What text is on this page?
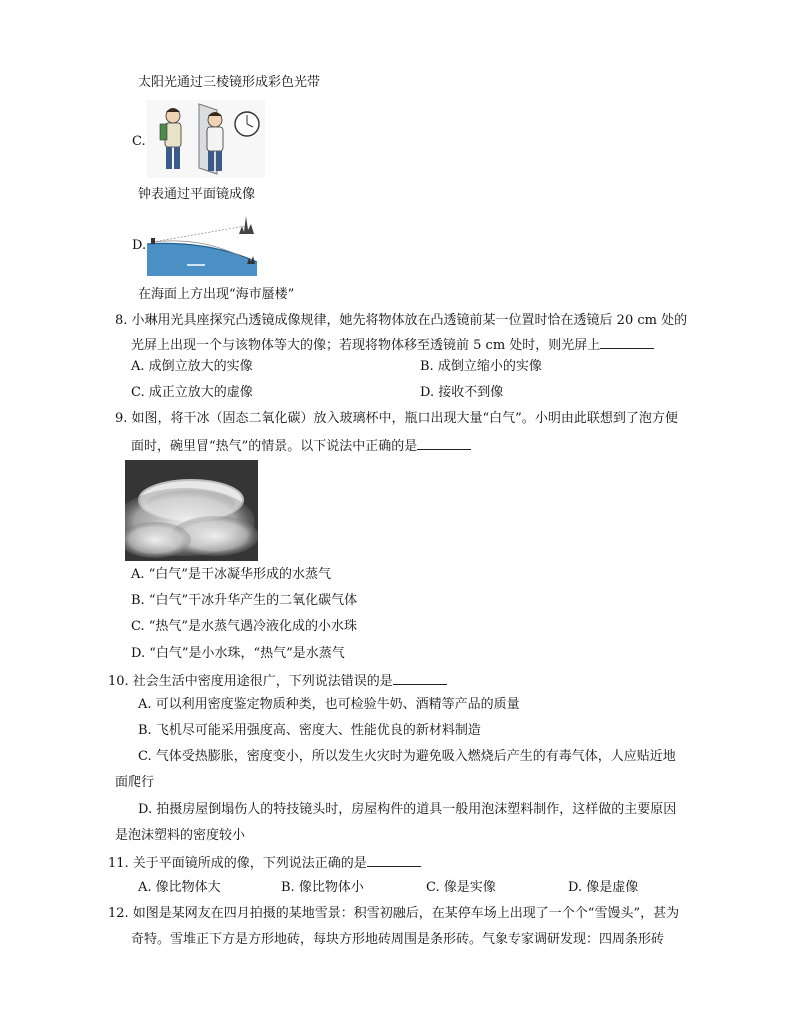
太阳光通过三棱镜形成彩色光带
C.
钟表通过平面镜成像
D.
在海面上方出现“海市蜃楼”
8. 小琳用光具座探究凸透镜成像规律，她先将物体放在凸透镜前某一位置时恰在透镜后 20 cm 处的
光屏上出现一个与该物体等大的像；若现将物体移至透镜前 5 cm 处时，则光屏上
A. 成倒立放大的实像	B. 成倒立缩小的实像
C. 成正立放大的虚像	D. 接收不到像
9. 如图，将干冰（固态二氧化碳）放入玻璃杯中，瓶口出现大量“白气”。小明由此联想到了泡方便
面时，碗里冒“热气”的情景。以下说法中正确的是
A. “白气”是干冰凝华形成的水蒸气
B. “白气”干冰升华产生的二氧化碳气体
C. “热气”是水蒸气遇冷液化成的小水珠
D. “白气”是小水珠，“热气”是水蒸气
10. 社会生活中密度用途很广，下列说法错误的是
A. 可以利用密度鉴定物质种类，也可检验牛奶、酒精等产品的质量
B. 飞机尽可能采用强度高、密度大、性能优良的新材料制造
C. 气体受热膨胀，密度变小，所以发生火灾时为避免吸入燃烧后产生的有毒气体，人应贴近地
面爬行
D. 拍摄房屋倒塌伤人的特技镜头时，房屋构件的道具一般用泡沫塑料制作，这样做的主要原因
是泡沫塑料的密度较小
11. 关于平面镜所成的像，下列说法正确的是
A. 像比物体大	B. 像比物体小	C. 像是实像	D. 像是虚像
12. 如图是某网友在四月拍摄的某地雪景：积雪初融后，在某停车场上出现了一个个“雪馒头”，甚为
奇特。雪堆正下方是方形地砖，每块方形地砖周围是条形砖。气象专家调研发现：四周条形砖
